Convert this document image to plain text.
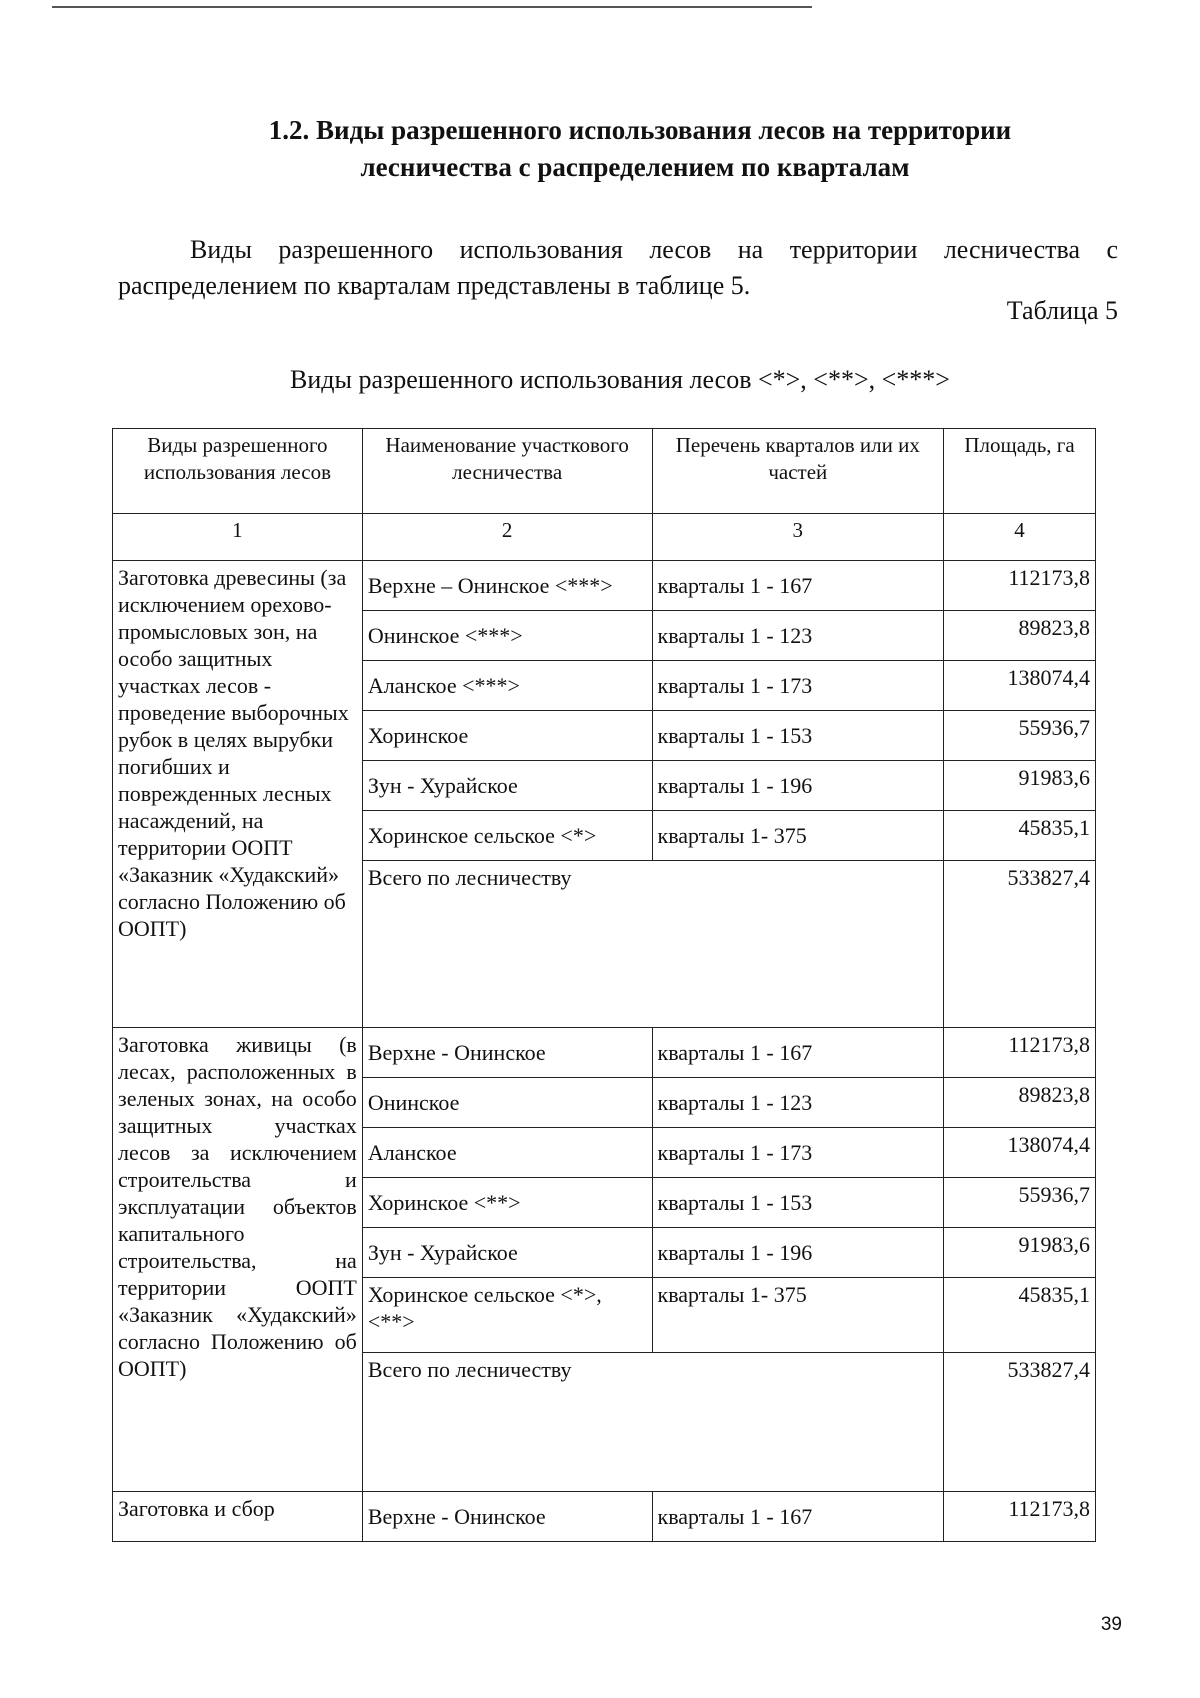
1.2. Виды разрешенного использования лесов на территории
лесничества с распределением по кварталам
Виды разрешенного использования лесов на территории лесничества с
распределением по кварталам представлены в таблице 5.
Таблица 5
Виды разрешенного использования лесов <*>, <**>, <***>
Виды разрешенного использования лесов	Наименование участкового лесничества	Перечень кварталов или их частей	Площадь, га
1	2	3	4
Заготовка древесины (за исключением орехово-промысловых зон, на особо защитных участках лесов - проведение выборочных рубок в целях вырубки погибших и поврежденных лесных насаждений, на территории ООПТ «Заказник «Худакский» согласно Положению об ООПТ)	Верхне – Онинское <***>	кварталы 1 - 167	112173,8
	Онинское <***>	кварталы 1 - 123	89823,8
	Аланское <***>	кварталы 1 - 173	138074,4
	Хоринское	кварталы 1 - 153	55936,7
	Зун - Хурайское	кварталы 1 - 196	91983,6
	Хоринское сельское <*>	кварталы 1- 375	45835,1
	Всего по лесничеству		533827,4
Заготовка живицы (в лесах, расположенных в зеленых зонах, на особо защитных участках лесов за исключением строительства и эксплуатации объектов капитального строительства, на территории ООПТ «Заказник «Худакский» согласно Положению об ООПТ)	Верхне - Онинское	кварталы 1 - 167	112173,8
	Онинское	кварталы 1 - 123	89823,8
	Аланское	кварталы 1 - 173	138074,4
	Хоринское <**>	кварталы 1 - 153	55936,7
	Зун - Хурайское	кварталы 1 - 196	91983,6
	Хоринское сельское <*>, <**>	кварталы 1- 375	45835,1
	Всего по лесничеству		533827,4
Заготовка и сбор	Верхне - Онинское	кварталы 1 - 167	112173,8
39
